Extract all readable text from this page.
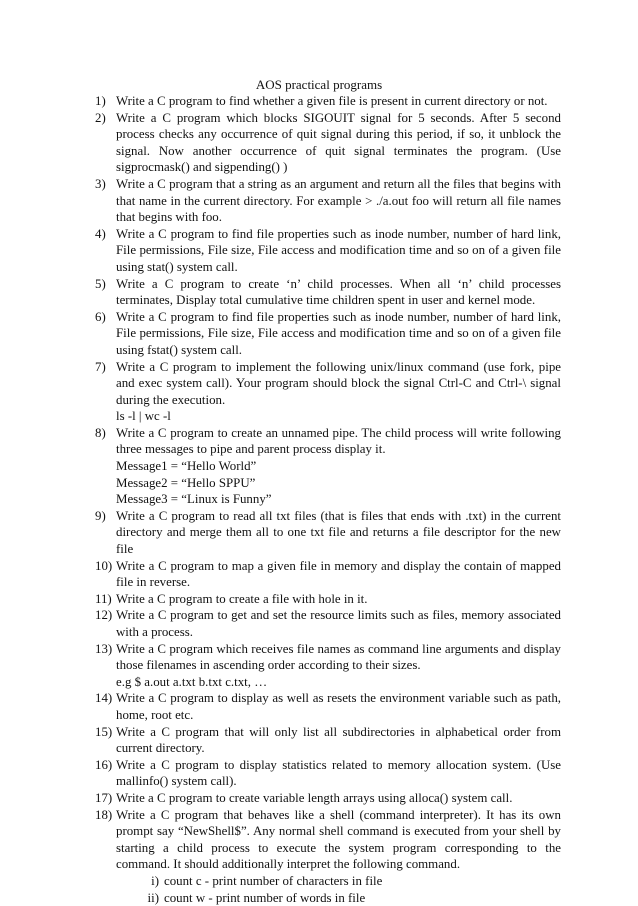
AOS practical programs
1) Write a C program to find whether a given file is present in current directory or not.
2) Write a C program which blocks SIGOUIT signal for 5 seconds. After 5 second process checks any occurrence of quit signal during this period, if so, it unblock the signal. Now another occurrence of quit signal terminates the program. (Use sigprocmask() and sigpending() )
3) Write a C program that a string as an argument and return all the files that begins with that name in the current directory. For example > ./a.out foo will return all file names that begins with foo.
4) Write a C program to find file properties such as inode number, number of hard link, File permissions, File size, File access and modification time and so on of a given file using stat() system call.
5) Write a C program to create ‘n’ child processes. When all ‘n’ child processes terminates, Display total cumulative time children spent in user and kernel mode.
6) Write a C program to find file properties such as inode number, number of hard link, File permissions, File size, File access and modification time and so on of a given file using fstat() system call.
7) Write a C program to implement the following unix/linux command (use fork, pipe and exec system call). Your program should block the signal Ctrl-C and Ctrl-\ signal during the execution.
ls -l | wc -l
8) Write a C program to create an unnamed pipe. The child process will write following three messages to pipe and parent process display it.
Message1 = “Hello World”
Message2 = “Hello SPPU”
Message3 = “Linux is Funny”
9) Write a C program to read all txt files (that is files that ends with .txt) in the current directory and merge them all to one txt file and returns a file descriptor for the new file
10) Write a C program to map a given file in memory and display the contain of mapped file in reverse.
11) Write a C program to create a file with hole in it.
12) Write a C program to get and set the resource limits such as files, memory associated with a process.
13) Write a C program which receives file names as command line arguments and display those filenames in ascending order according to their sizes.
e.g $ a.out a.txt b.txt c.txt, …
14) Write a C program to display as well as resets the environment variable such as path, home, root etc.
15) Write a C program that will only list all subdirectories in alphabetical order from current directory.
16) Write a C program to display statistics related to memory allocation system. (Use mallinfo() system call).
17) Write a C program to create variable length arrays using alloca() system call.
18) Write a C program that behaves like a shell (command interpreter). It has its own prompt say “NewShell$”. Any normal shell command is executed from your shell by starting a child process to execute the system program corresponding to the command. It should additionally interpret the following command.
i) count c - print number of characters in file
ii) count w - print number of words in file
